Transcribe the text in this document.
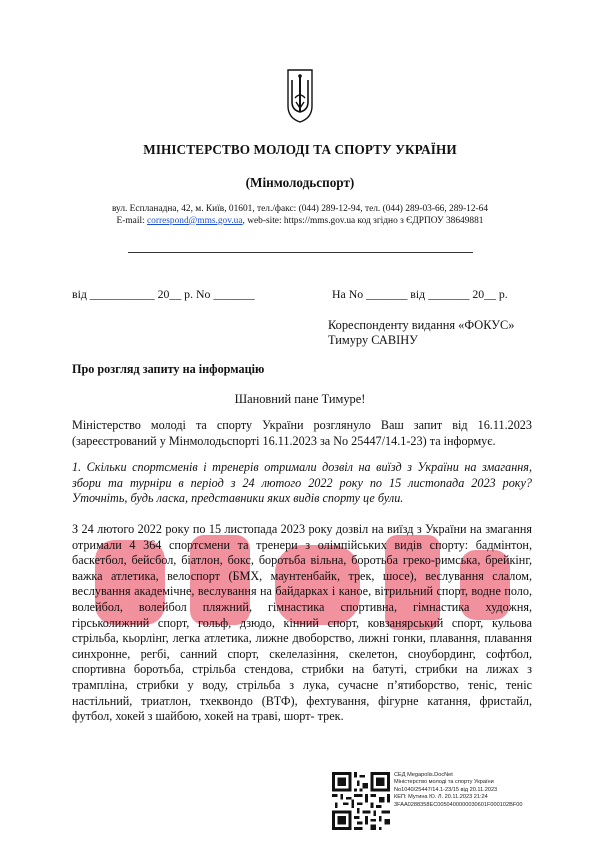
МІНІСТЕРСТВО МОЛОДІ ТА СПОРТУ УКРАЇНИ
(Мінмолодьспорт)
вул. Еспланадна, 42, м. Київ, 01601, тел./факс: (044) 289-12-94, тел. (044) 289-03-66, 289-12-64
E-mail: correspond@mms.gov.ua, web-site: https://mms.gov.ua код згідно з ЄДРПОУ 38649881
від ___________ 20__ р. No _______	На No _______ від _______ 20__ р.
Кореспонденту видання «ФОКУС»
Тимуру САВІНУ
Про розгляд запиту на інформацію
Шановний пане Тимуре!
Міністерство молоді та спорту України розглянуло Ваш запит від 16.11.2023 (зареєстрований у Мінмолодьспорті 16.11.2023 за No 25447/14.1-23) та інформує.
1. Скільки спортсменів і тренерів отримали дозвіл на виїзд з України на змагання, збори та турніри в період з 24 лютого 2022 року по 15 листопада 2023 року? Уточніть, будь ласка, представники яких видів спорту це були.
З 24 лютого 2022 року по 15 листопада 2023 року дозвіл на виїзд з України на змагання отримали 4 364 спортсмени та тренери з олімпійських видів спорту: бадмінтон, баскетбол, бейсбол, біатлон, бокс, боротьба вільна, боротьба греко-римська, брейкінг, важка атлетика, велоспорт (БМХ, маунтенбайк, трек, шосе), веслування слалом, веслування академічне, веслування на байдарках і каное, вітрильний спорт, водне поло, волейбол, волейбол пляжний, гімнастика спортивна, гімнастика художня, гірськолижний спорт, гольф, дзюдо, кінний спорт, ковзанярський спорт, кульова стрільба, кьорлінг, легка атлетика, лижне двоборство, лижні гонки, плавання, плавання синхронне, регбі, санний спорт, скелелазіння, скелетон, сноубординг, софтбол, спортивна боротьба, стрільба стендова, стрибки на батуті, стрибки на лижах з трампліна, стрибки у воду, стрільба з лука, сучасне п’ятиборство, теніс, теніс настільний, триатлон, тхеквондо (ВТФ), фехтування, фігурне катання, фристайл, футбол, хокей з шайбою, хокей на траві, шорт- трек.
СЕД Megapolis.DocNet
Міністерство молоді та спорту України
No1040/25447/14.1-23/15 від 20.11.2023
КЕП: Мутина Ю. Л. 20.11.2023 21:24
3FAA0288358EC0050400000030601F000102BF00
